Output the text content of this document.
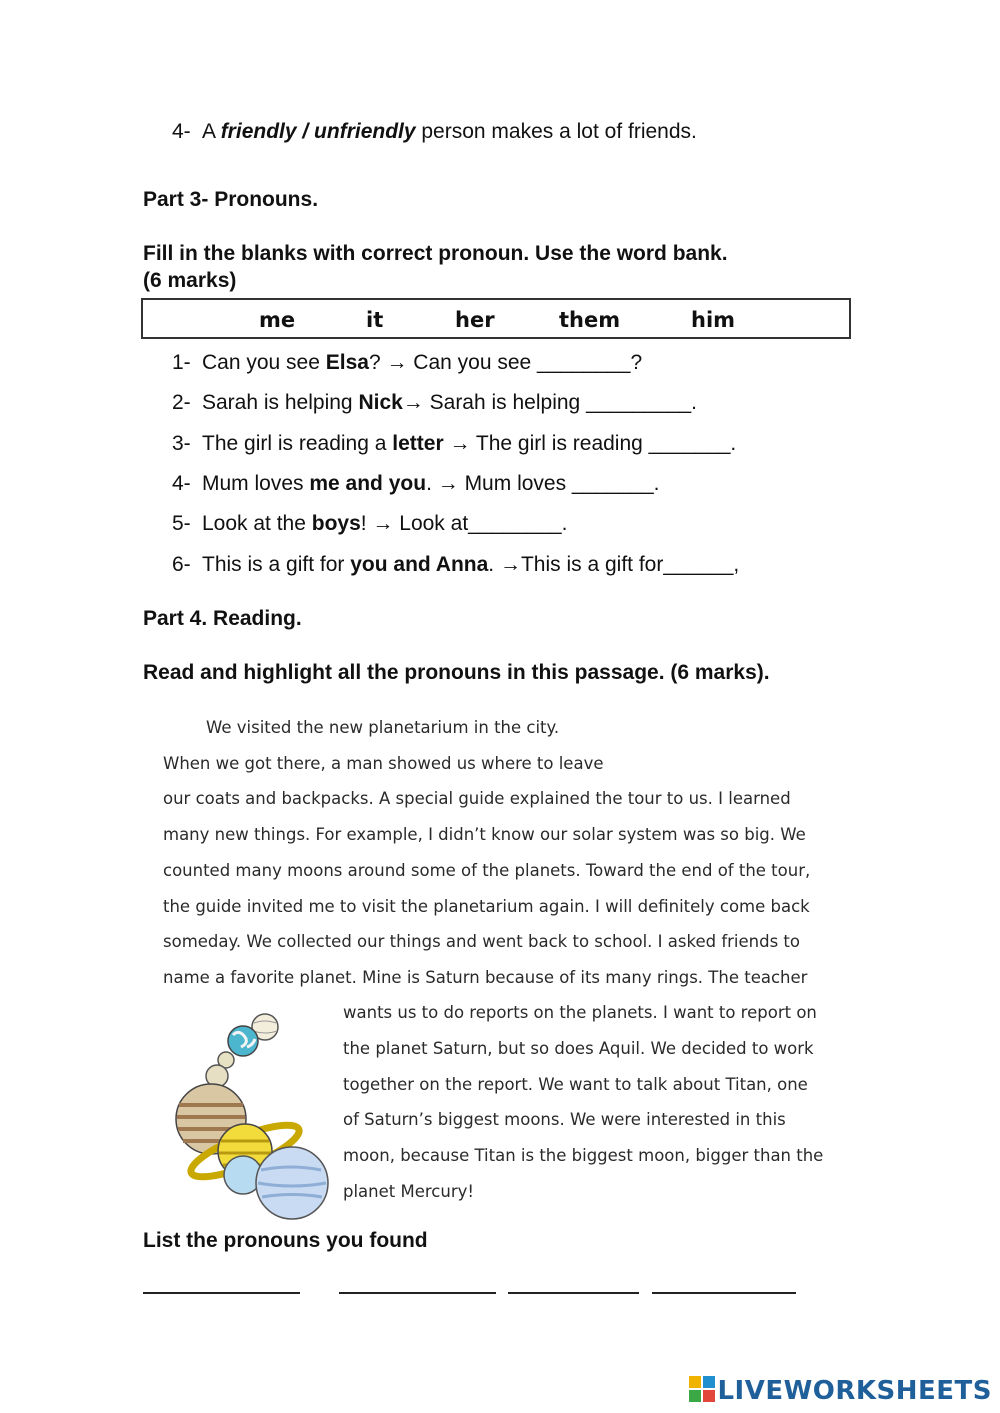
4- A friendly / unfriendly person makes a lot of friends.
Part 3- Pronouns.
Fill in the blanks with correct pronoun. Use the word bank.
(6 marks)
me	it	her	them	him
1- Can you see Elsa? → Can you see ________?
2- Sarah is helping Nick→ Sarah is helping _________.
3- The girl is reading a letter → The girl is reading _______.
4- Mum loves me and you. → Mum loves _______.
5- Look at the boys! → Look at________.
6- This is a gift for you and Anna. →This is a gift for______,
Part 4. Reading.
Read and highlight all the pronouns in this passage. (6 marks).
We visited the new planetarium in the city.
When we got there, a man showed us where to leave
our coats and backpacks. A special guide explained the tour to us. I learned
many new things. For example, I didn’t know our solar system was so big. We
counted many moons around some of the planets. Toward the end of the tour,
the guide invited me to visit the planetarium again. I will definitely come back
someday. We collected our things and went back to school. I asked friends to
name a favorite planet. Mine is Saturn because of its many rings. The teacher
wants us to do reports on the planets. I want to report on
the planet Saturn, but so does Aquil. We decided to work
together on the report. We want to talk about Titan, one
of Saturn’s biggest moons. We were interested in this
moon, because Titan is the biggest moon, bigger than the
planet Mercury!
List the pronouns you found
LIVEWORKSHEETS
